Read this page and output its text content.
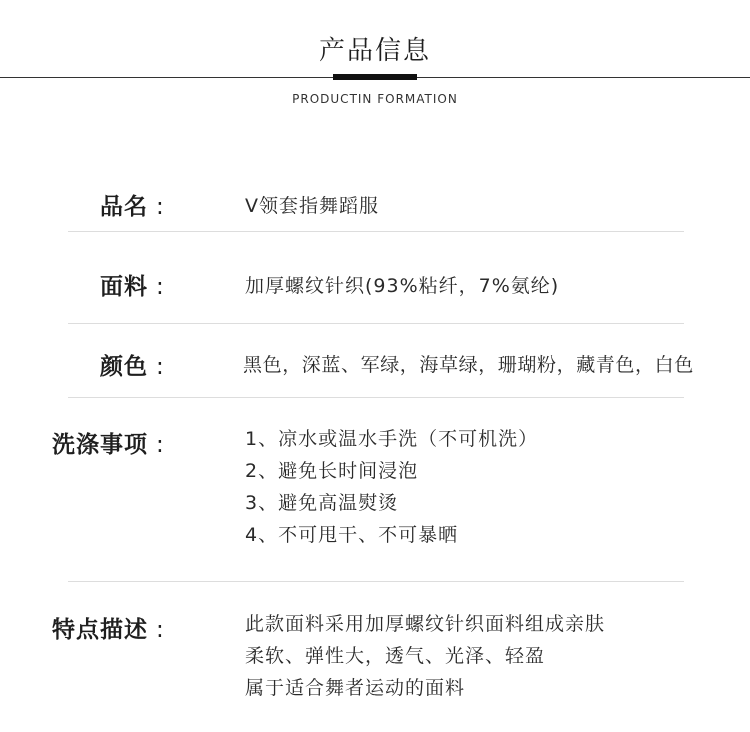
产品信息
PRODUCTIN FORMATION
品名 :	V领套指舞蹈服
面料 :	加厚螺纹针织(93%粘纤，7%氨纶)
颜色 :	黑色，深蓝、军绿，海草绿，珊瑚粉，藏青色，白色
洗涤事项 :	1、凉水或温水手洗（不可机洗）
2、避免长时间浸泡
3、避免高温熨烫
4、不可甩干、不可暴晒
特点描述 :	此款面料采用加厚螺纹针织面料组成亲肤
柔软、弹性大，透气、光泽、轻盈
属于适合舞者运动的面料
